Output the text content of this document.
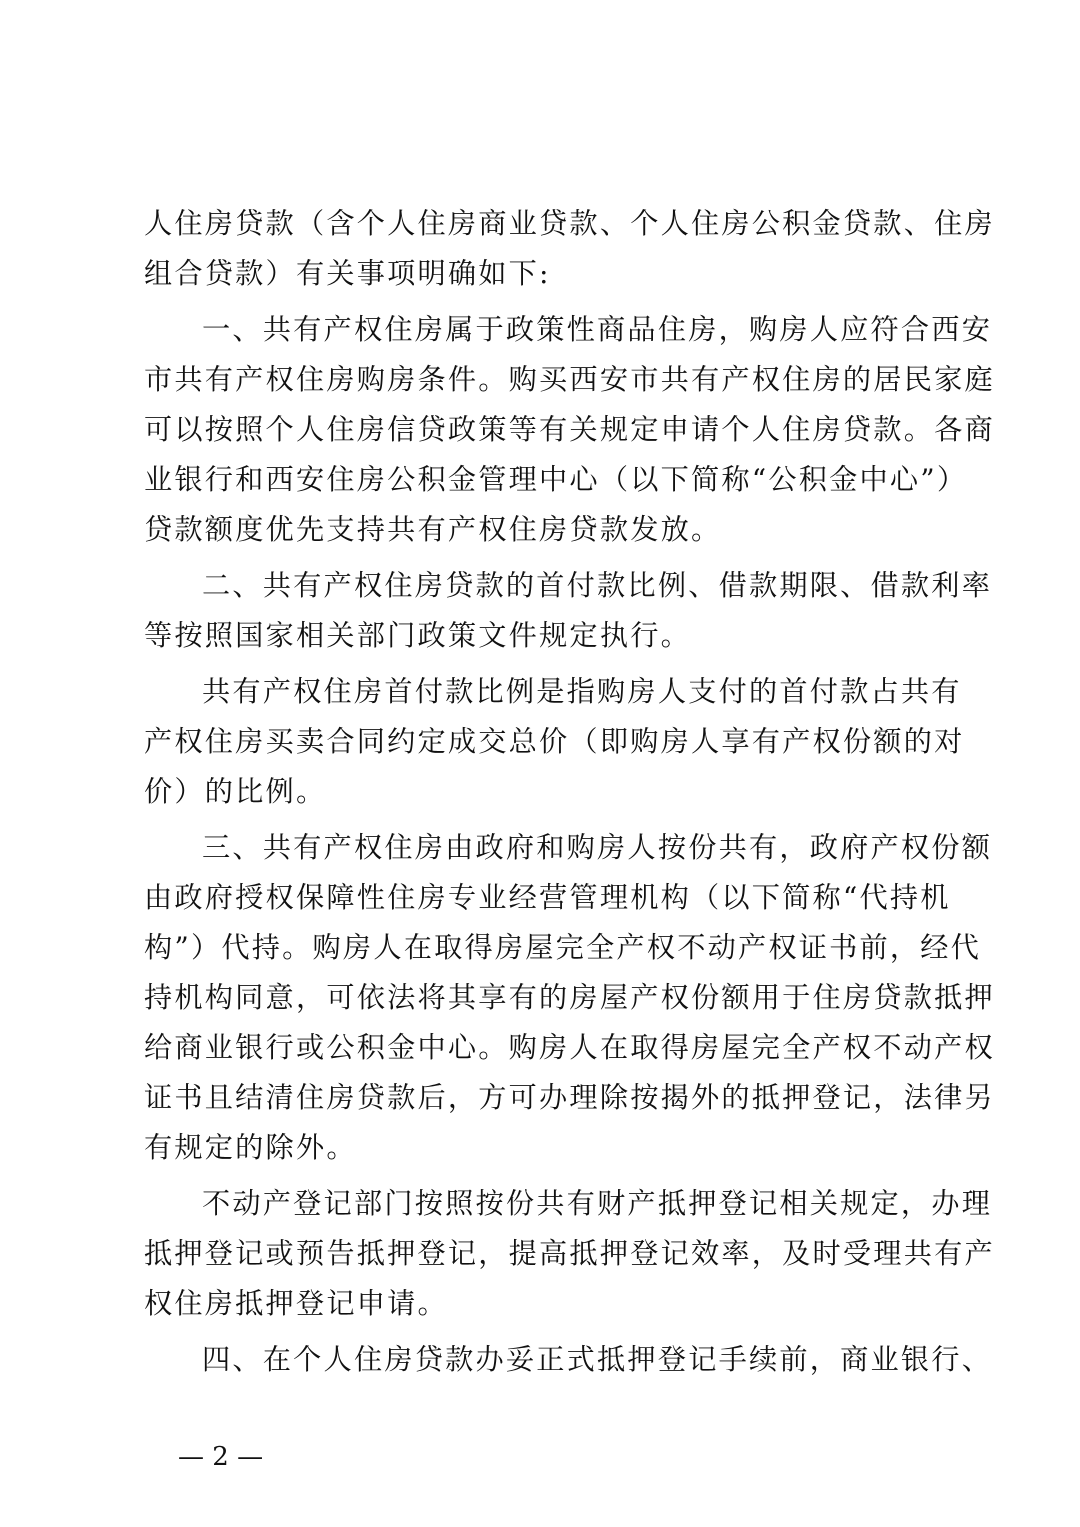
人住房贷款（含个人住房商业贷款、个人住房公积金贷款、住房
组合贷款）有关事项明确如下:
一、共有产权住房属于政策性商品住房，购房人应符合西安
市共有产权住房购房条件。购买西安市共有产权住房的居民家庭
可以按照个人住房信贷政策等有关规定申请个人住房贷款。各商
业银行和西安住房公积金管理中心（以下简称“公积金中心”）
贷款额度优先支持共有产权住房贷款发放。
二、共有产权住房贷款的首付款比例、借款期限、借款利率
等按照国家相关部门政策文件规定执行。
共有产权住房首付款比例是指购房人支付的首付款占共有
产权住房买卖合同约定成交总价（即购房人享有产权份额的对
价）的比例。
三、共有产权住房由政府和购房人按份共有，政府产权份额
由政府授权保障性住房专业经营管理机构（以下简称“代持机
构”）代持。购房人在取得房屋完全产权不动产权证书前，经代
持机构同意，可依法将其享有的房屋产权份额用于住房贷款抵押
给商业银行或公积金中心。购房人在取得房屋完全产权不动产权
证书且结清住房贷款后，方可办理除按揭外的抵押登记，法律另
有规定的除外。
不动产登记部门按照按份共有财产抵押登记相关规定，办理
抵押登记或预告抵押登记，提高抵押登记效率，及时受理共有产
权住房抵押登记申请。
四、在个人住房贷款办妥正式抵押登记手续前，商业银行、
— 2 —
